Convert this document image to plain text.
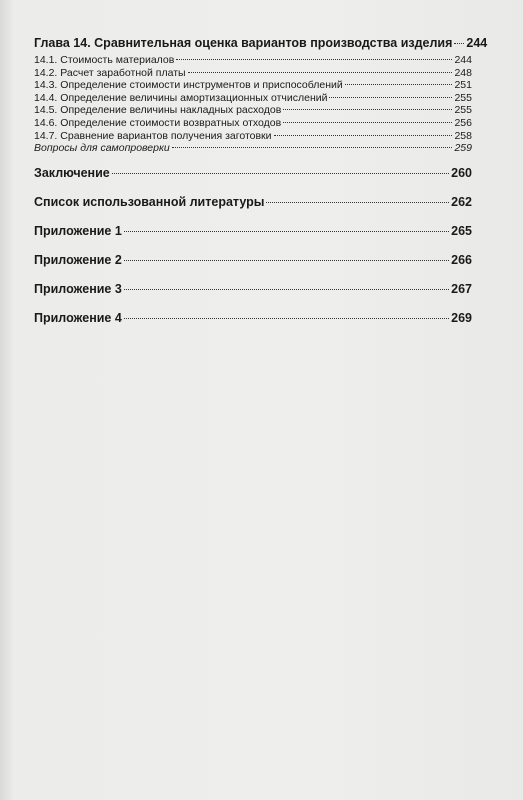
Глава 14. Сравнительная оценка вариантов производства изделия 244
14.1. Стоимость материалов	244
14.2. Расчет заработной платы	248
14.3. Определение стоимости инструментов и приспособлений	251
14.4. Определение величины амортизационных отчислений	255
14.5. Определение величины накладных расходов	255
14.6. Определение стоимости возвратных отходов	256
14.7. Сравнение вариантов получения заготовки	258
Вопросы для самопроверки	259
Заключение	260
Список использованной литературы	262
Приложение 1	265
Приложение 2	266
Приложение 3	267
Приложение 4	269
